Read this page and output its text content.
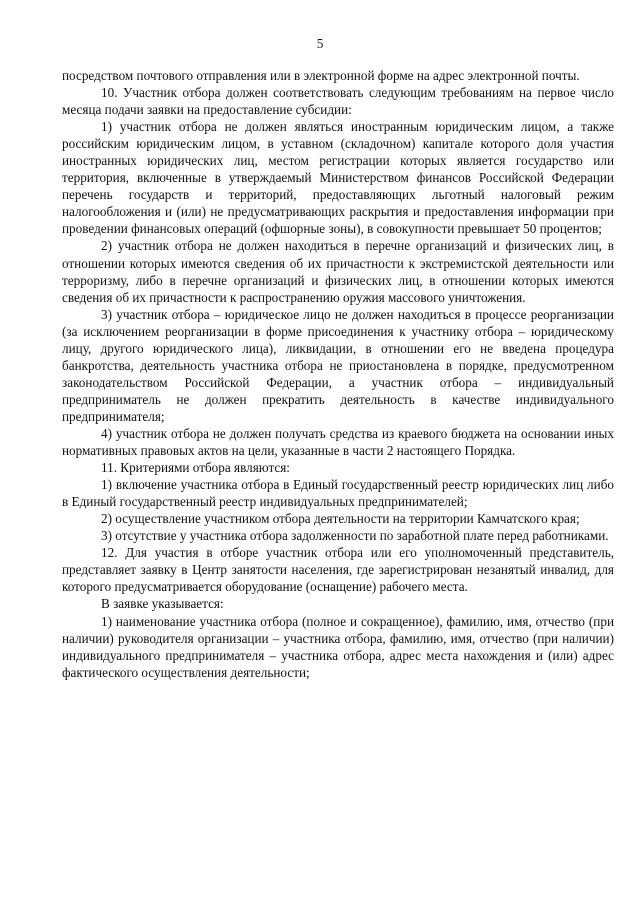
5

посредством почтового отправления или в электронной форме на адрес электронной почты.

10. Участник отбора должен соответствовать следующим требованиям на первое число месяца подачи заявки на предоставление субсидии:

1) участник отбора не должен являться иностранным юридическим лицом, а также российским юридическим лицом, в уставном (складочном) капитале которого доля участия иностранных юридических лиц, местом регистрации которых является государство или территория, включенные в утверждаемый Министерством финансов Российской Федерации перечень государств и территорий, предоставляющих льготный налоговый режим налогообложения и (или) не предусматривающих раскрытия и предоставления информации при проведении финансовых операций (офшорные зоны), в совокупности превышает 50 процентов;

2) участник отбора не должен находиться в перечне организаций и физических лиц, в отношении которых имеются сведения об их причастности к экстремистской деятельности или терроризму, либо в перечне организаций и физических лиц, в отношении которых имеются сведения об их причастности к распространению оружия массового уничтожения.

3) участник отбора – юридическое лицо не должен находиться в процессе реорганизации (за исключением реорганизации в форме присоединения к участнику отбора – юридическому лицу, другого юридического лица), ликвидации, в отношении его не введена процедура банкротства, деятельность участника отбора не приостановлена в порядке, предусмотренном законодательством Российской Федерации, а участник отбора – индивидуальный предприниматель не должен прекратить деятельность в качестве индивидуального предпринимателя;

4) участник отбора не должен получать средства из краевого бюджета на основании иных нормативных правовых актов на цели, указанные в части 2 настоящего Порядка.

11. Критериями отбора являются:

1) включение участника отбора в Единый государственный реестр юридических лиц либо в Единый государственный реестр индивидуальных предпринимателей;

2) осуществление участником отбора деятельности на территории Камчатского края;

3) отсутствие у участника отбора задолженности по заработной плате перед работниками.

12. Для участия в отборе участник отбора или его уполномоченный представитель, представляет заявку в Центр занятости населения, где зарегистрирован незанятый инвалид, для которого предусматривается оборудование (оснащение) рабочего места.

В заявке указывается:

1) наименование участника отбора (полное и сокращенное), фамилию, имя, отчество (при наличии) руководителя организации – участника отбора, фамилию, имя, отчество (при наличии) индивидуального предпринимателя – участника отбора, адрес места нахождения и (или) адрес фактического осуществления деятельности;
